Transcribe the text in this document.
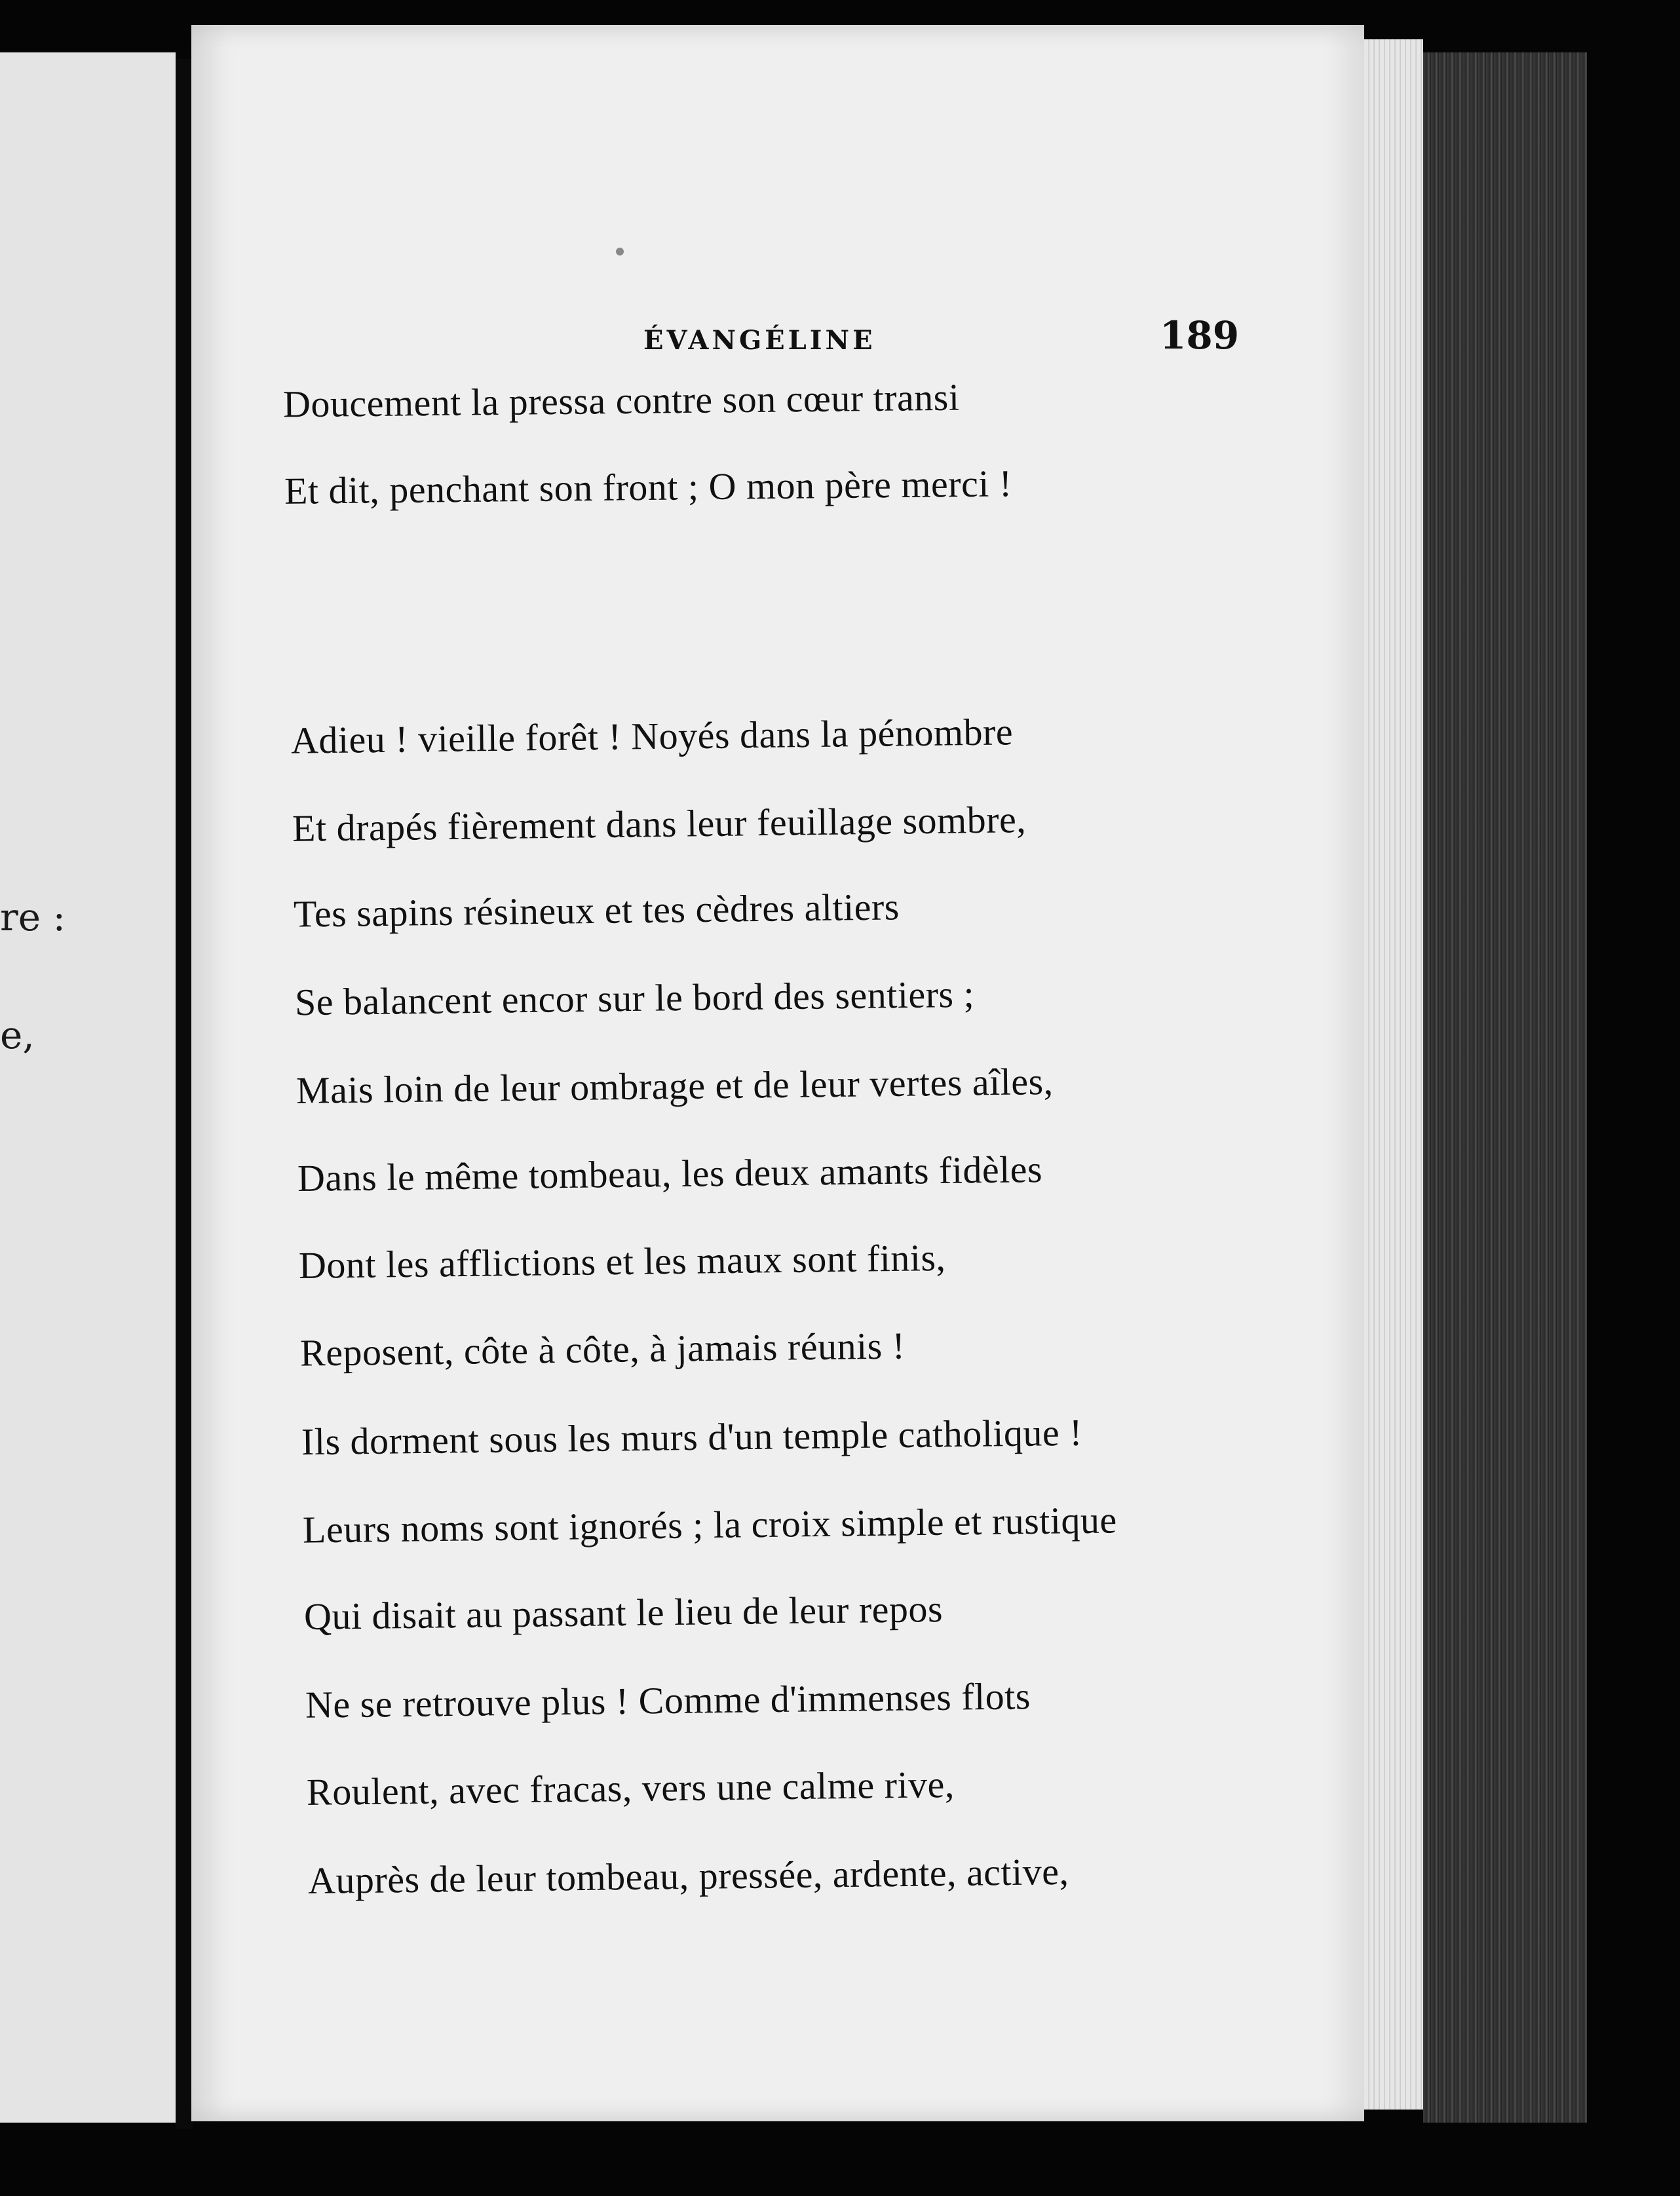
re :
e,
ÉVANGÉLINE	189
Doucement la pressa contre son cœur transi
Et dit, penchant son front ; O mon père merci !
Adieu ! vieille forêt ! Noyés dans la pénombre
Et drapés fièrement dans leur feuillage sombre,
Tes sapins résineux et tes cèdres altiers
Se balancent encor sur le bord des sentiers ;
Mais loin de leur ombrage et de leur vertes aîles,
Dans le même tombeau, les deux amants fidèles
Dont les afflictions et les maux sont finis,
Reposent, côte à côte, à jamais réunis !
Ils dorment sous les murs d'un temple catholique !
Leurs noms sont ignorés ; la croix simple et rustique
Qui disait au passant le lieu de leur repos
Ne se retrouve plus ! Comme d'immenses flots
Roulent, avec fracas, vers une calme rive,
Auprès de leur tombeau, pressée, ardente, active,
